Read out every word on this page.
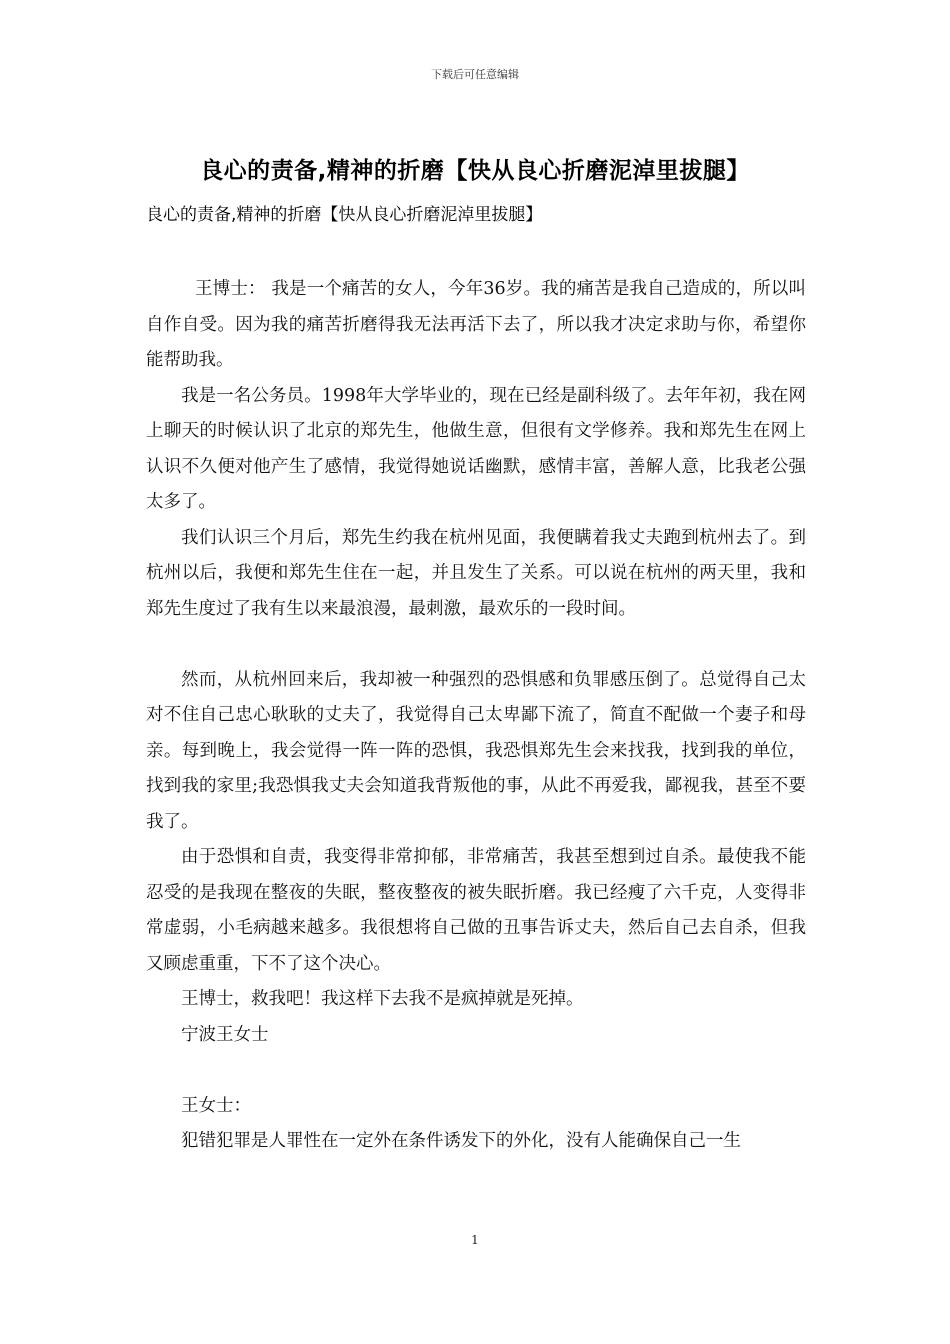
下载后可任意编辑
良心的责备,精神的折磨【快从良心折磨泥淖里拔腿】
良心的责备,精神的折磨【快从良心折磨泥淖里拔腿】

王博士： 我是一个痛苦的女人，今年36岁。我的痛苦是我自己造成的，所以叫自作自受。因为我的痛苦折磨得我无法再活下去了，所以我才决定求助与你，希望你能帮助我。

我是一名公务员。1998年大学毕业的，现在已经是副科级了。去年年初，我在网上聊天的时候认识了北京的郑先生，他做生意，但很有文学修养。我和郑先生在网上认识不久便对他产生了感情，我觉得她说话幽默，感情丰富，善解人意，比我老公强太多了。

我们认识三个月后，郑先生约我在杭州见面，我便瞒着我丈夫跑到杭州去了。到杭州以后，我便和郑先生住在一起，并且发生了关系。可以说在杭州的两天里，我和郑先生度过了我有生以来最浪漫，最刺激，最欢乐的一段时间。

然而，从杭州回来后，我却被一种强烈的恐惧感和负罪感压倒了。总觉得自己太对不住自己忠心耿耿的丈夫了，我觉得自己太卑鄙下流了，简直不配做一个妻子和母亲。每到晚上，我会觉得一阵一阵的恐惧，我恐惧郑先生会来找我，找到我的单位，找到我的家里;我恐惧我丈夫会知道我背叛他的事，从此不再爱我，鄙视我，甚至不要我了。

由于恐惧和自责，我变得非常抑郁，非常痛苦，我甚至想到过自杀。最使我不能忍受的是我现在整夜的失眠，整夜整夜的被失眠折磨。我已经瘦了六千克，人变得非常虚弱，小毛病越来越多。我很想将自己做的丑事告诉丈夫，然后自己去自杀，但我又顾虑重重，下不了这个决心。

王博士，救我吧！我这样下去我不是疯掉就是死掉。

宁波王女士

王女士：

犯错犯罪是人罪性在一定外在条件诱发下的外化，没有人能确保自己一生

1
